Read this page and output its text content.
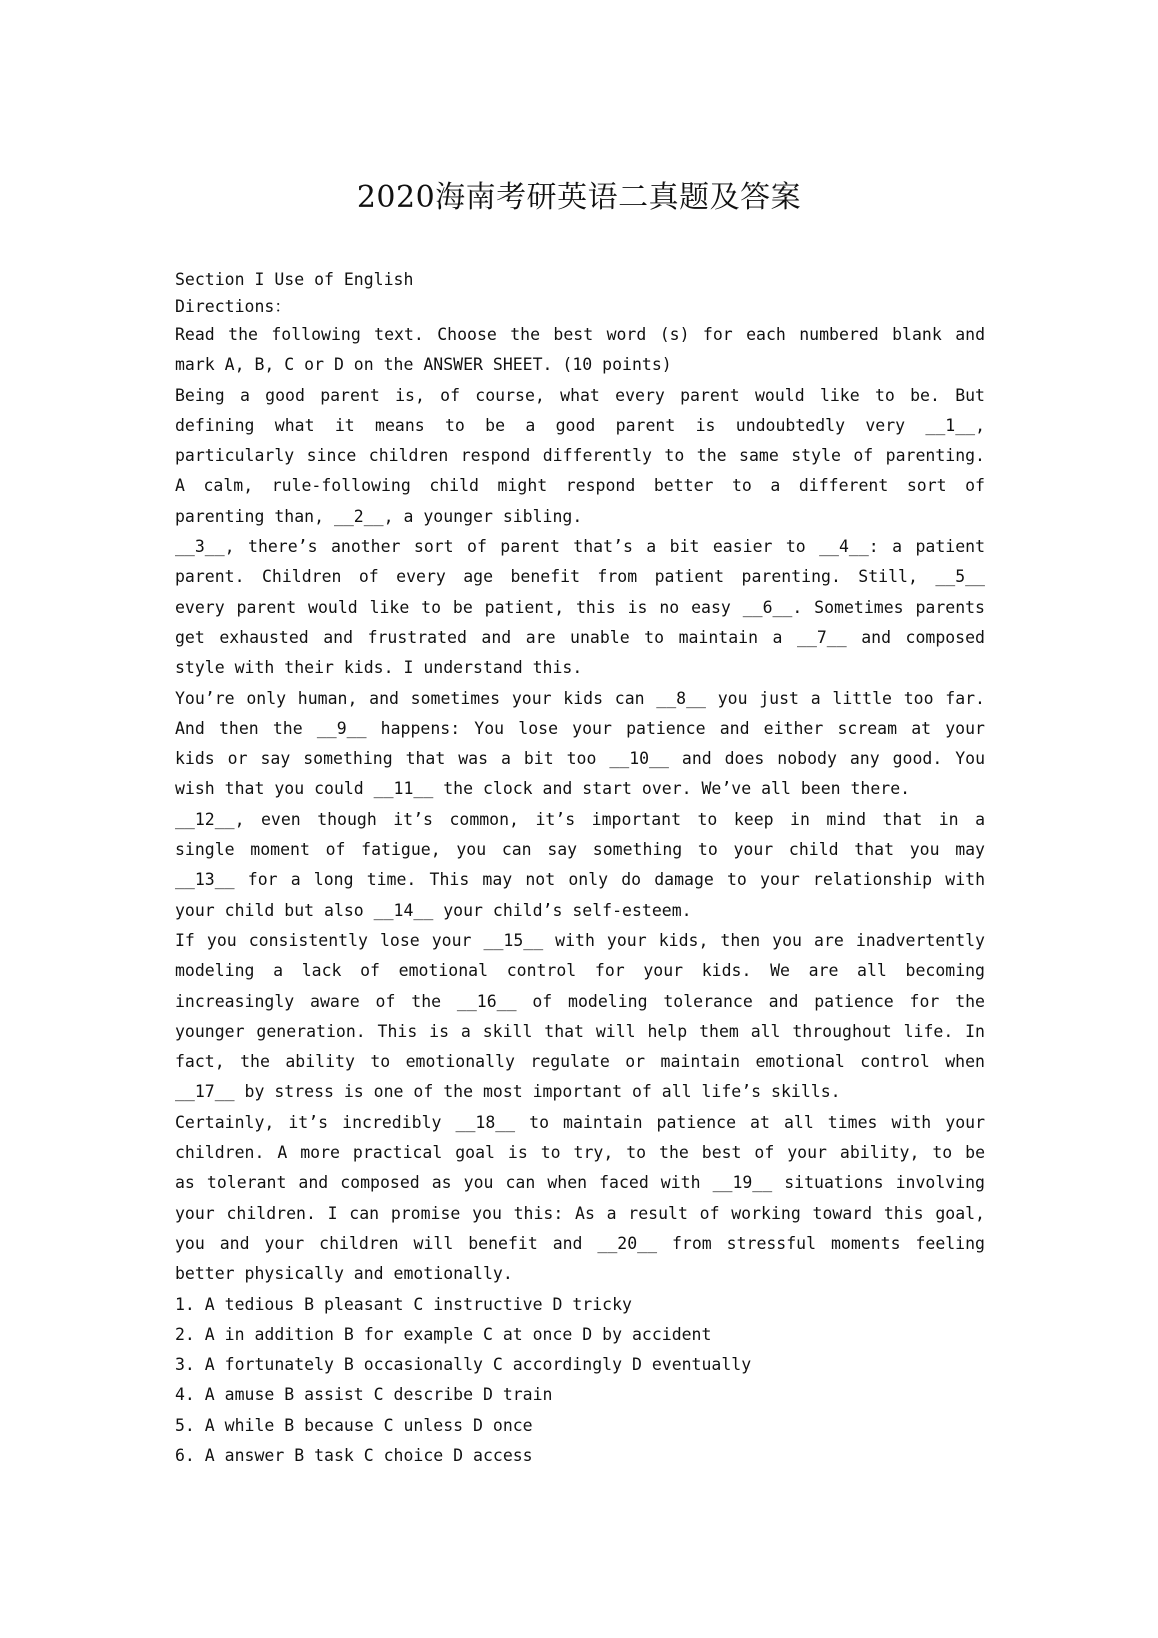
2020海南考研英语二真题及答案
Section I Use of English
Directions：
Read the following text. Choose the best word (s) for each numbered blank and
mark A, B, C or D on the ANSWER SHEET. (10 points)
Being a good parent is, of course, what every parent would like to be. But
defining what it means to be a good parent is undoubtedly very __1__,
particularly since children respond differently to the same style of parenting.
A calm, rule-following child might respond better to a different sort of
parenting than, __2__, a younger sibling.
__3__, there’s another sort of parent that’s a bit easier to __4__: a patient
parent. Children of every age benefit from patient parenting. Still, __5__
every parent would like to be patient, this is no easy __6__. Sometimes parents
get exhausted and frustrated and are unable to maintain a __7__ and composed
style with their kids. I understand this.
You’re only human, and sometimes your kids can __8__ you just a little too far.
And then the __9__ happens: You lose your patience and either scream at your
kids or say something that was a bit too __10__ and does nobody any good. You
wish that you could __11__ the clock and start over. We’ve all been there.
__12__, even though it’s common, it’s important to keep in mind that in a
single moment of fatigue, you can say something to your child that you may
__13__ for a long time. This may not only do damage to your relationship with
your child but also __14__ your child’s self-esteem.
If you consistently lose your __15__ with your kids, then you are inadvertently
modeling a lack of emotional control for your kids. We are all becoming
increasingly aware of the __16__ of modeling tolerance and patience for the
younger generation. This is a skill that will help them all throughout life. In
fact, the ability to emotionally regulate or maintain emotional control when
__17__ by stress is one of the most important of all life’s skills.
Certainly, it’s incredibly __18__ to maintain patience at all times with your
children. A more practical goal is to try, to the best of your ability, to be
as tolerant and composed as you can when faced with __19__ situations involving
your children. I can promise you this: As a result of working toward this goal,
you and your children will benefit and __20__ from stressful moments feeling
better physically and emotionally.
1. A tedious B pleasant C instructive D tricky
2. A in addition B for example C at once D by accident
3. A fortunately B occasionally C accordingly D eventually
4. A amuse B assist C describe D train
5. A while B because C unless D once
6. A answer B task C choice D access
